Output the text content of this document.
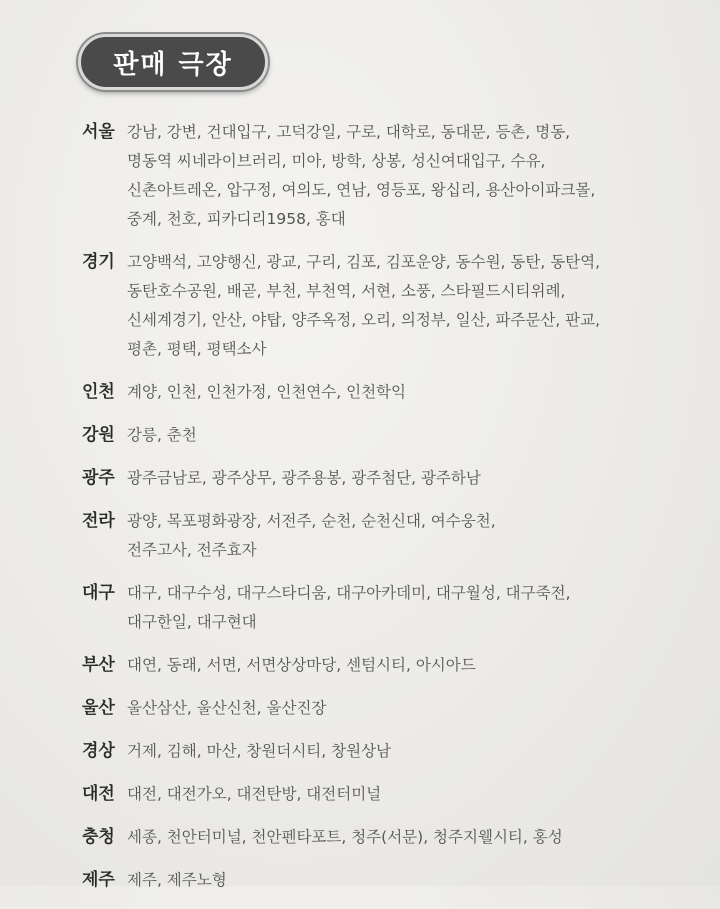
판매 극장
서울 강남, 강변, 건대입구, 고덕강일, 구로, 대학로, 동대문, 등촌, 명동,
명동역 씨네라이브러리, 미아, 방학, 상봉, 성신여대입구, 수유,
신촌아트레온, 압구정, 여의도, 연남, 영등포, 왕십리, 용산아이파크몰,
중계, 천호, 피카디리1958, 홍대
경기 고양백석, 고양행신, 광교, 구리, 김포, 김포운양, 동수원, 동탄, 동탄역,
동탄호수공원, 배곧, 부천, 부천역, 서현, 소풍, 스타필드시티위례,
신세계경기, 안산, 야탑, 양주옥정, 오리, 의정부, 일산, 파주문산, 판교,
평촌, 평택, 평택소사
인천 계양, 인천, 인천가정, 인천연수, 인천학익
강원 강릉, 춘천
광주 광주금남로, 광주상무, 광주용봉, 광주첨단, 광주하남
전라 광양, 목포평화광장, 서전주, 순천, 순천신대, 여수웅천,
전주고사, 전주효자
대구 대구, 대구수성, 대구스타디움, 대구아카데미, 대구월성, 대구죽전,
대구한일, 대구현대
부산 대연, 동래, 서면, 서면상상마당, 센텀시티, 아시아드
울산 울산삼산, 울산신천, 울산진장
경상 거제, 김해, 마산, 창원더시티, 창원상남
대전 대전, 대전가오, 대전탄방, 대전터미널
충청 세종, 천안터미널, 천안펜타포트, 청주(서문), 청주지웰시티, 홍성
제주 제주, 제주노형
